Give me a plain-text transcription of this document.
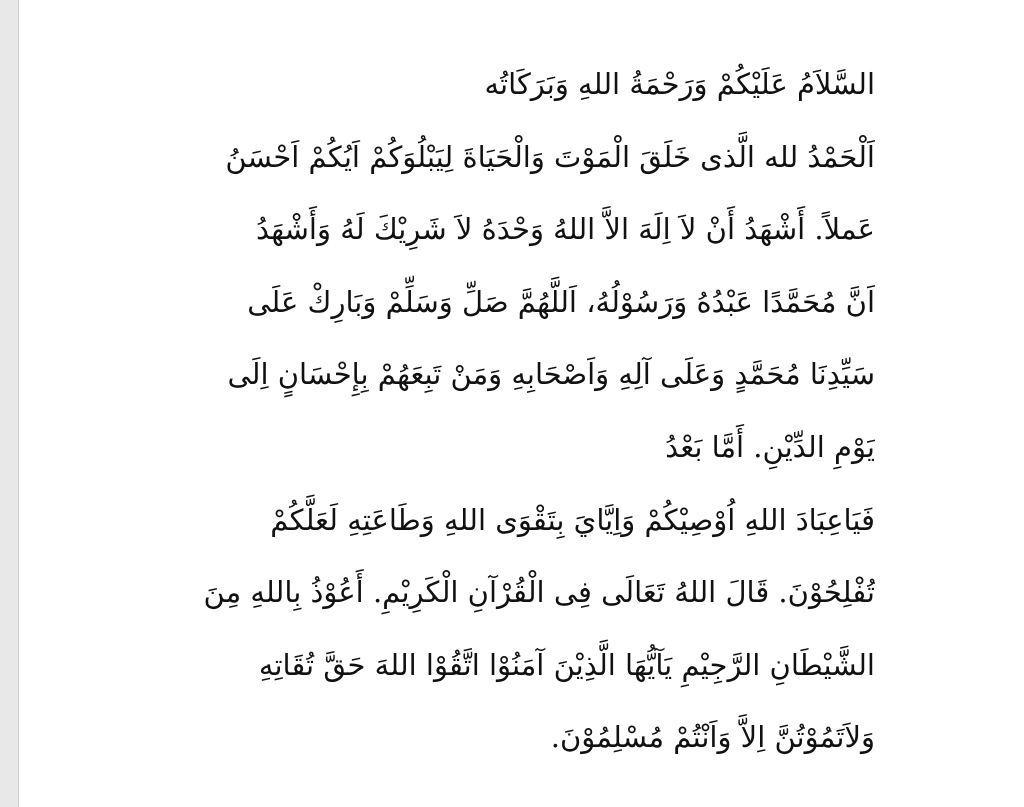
السَّلاَمُ عَلَيْكُمْ وَرَحْمَةُ اللهِ وَبَرَكَاتُه
اَلْحَمْدُ لله الَّذى خَلَقَ الْمَوْتَ وَالْحَيَاةَ لِيَبْلُوَكُمْ اَيُكُمْ اَحْسَنُ
عَملاً. أَشْهَدُ أَنْ لاَ اِلَهَ الاَّ اللهُ وَحْدَهُ لاَ شَرِيْكَ لَهُ وَأَشْهَدُ
اَنَّ مُحَمَّدًا عَبْدُهُ وَرَسُوْلُهُ، اَللَّهُمَّ صَلِّ وَسَلِّمْ وَبَارِكْ عَلَى
سَيِّدِنَا مُحَمَّدٍ وَعَلَى آلِهِ وَاَصْحَابِهِ وَمَنْ تَبِعَهُمْ بِإِحْسَانٍ اِلَى
يَوْمِ الدِّيْنِ. أَمَّا بَعْدُ
فَيَاعِبَادَ اللهِ اُوْصِيْكُمْ وَاِيَّايَ بِتَقْوَى اللهِ وَطَاعَتِهِ لَعَلَّكُمْ
تُفْلِحُوْنَ. قَالَ اللهُ تَعَالَى فِى الْقُرْآنِ الْكَرِيْمِ. أَعُوْذُ بِاللهِ مِنَ
الشَّيْطَانِ الرَّجِيْمِ يَآيُّهَا الَّذِيْنَ آمَنُوْا اتَّقُوْا اللهَ حَقَّ تُقَاتِهِ
وَلاَتَمُوْتُنَّ اِلاَّ وَاَنْتُمْ مُسْلِمُوْنَ.
